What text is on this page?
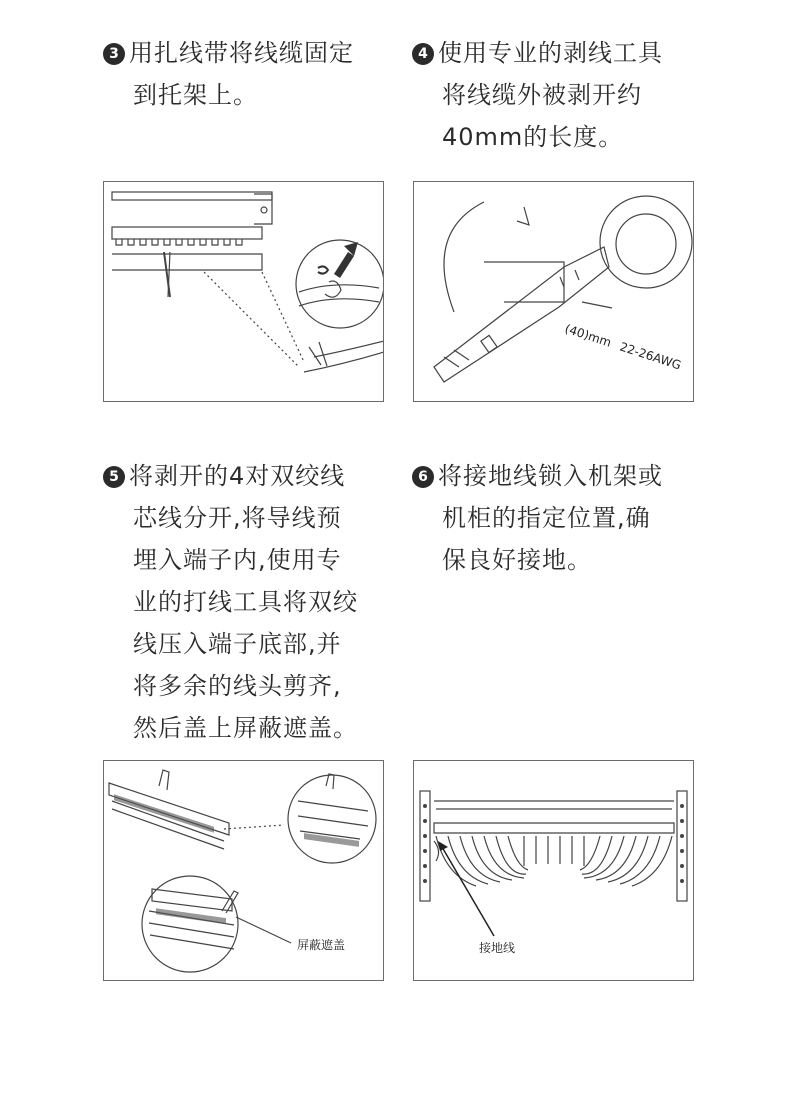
3 用扎线带将线缆固定
到托架上。
4 使用专业的剥线工具
将线缆外被剥开约
40mm的长度。
(40)mm
22-26AWG
5 将剥开的4对双绞线
芯线分开,将导线预
埋入端子内,使用专
业的打线工具将双绞
线压入端子底部,并
将多余的线头剪齐,
然后盖上屏蔽遮盖。
6 将接地线锁入机架或
机柜的指定位置,确
保良好接地。
屏蔽遮盖	接地线
